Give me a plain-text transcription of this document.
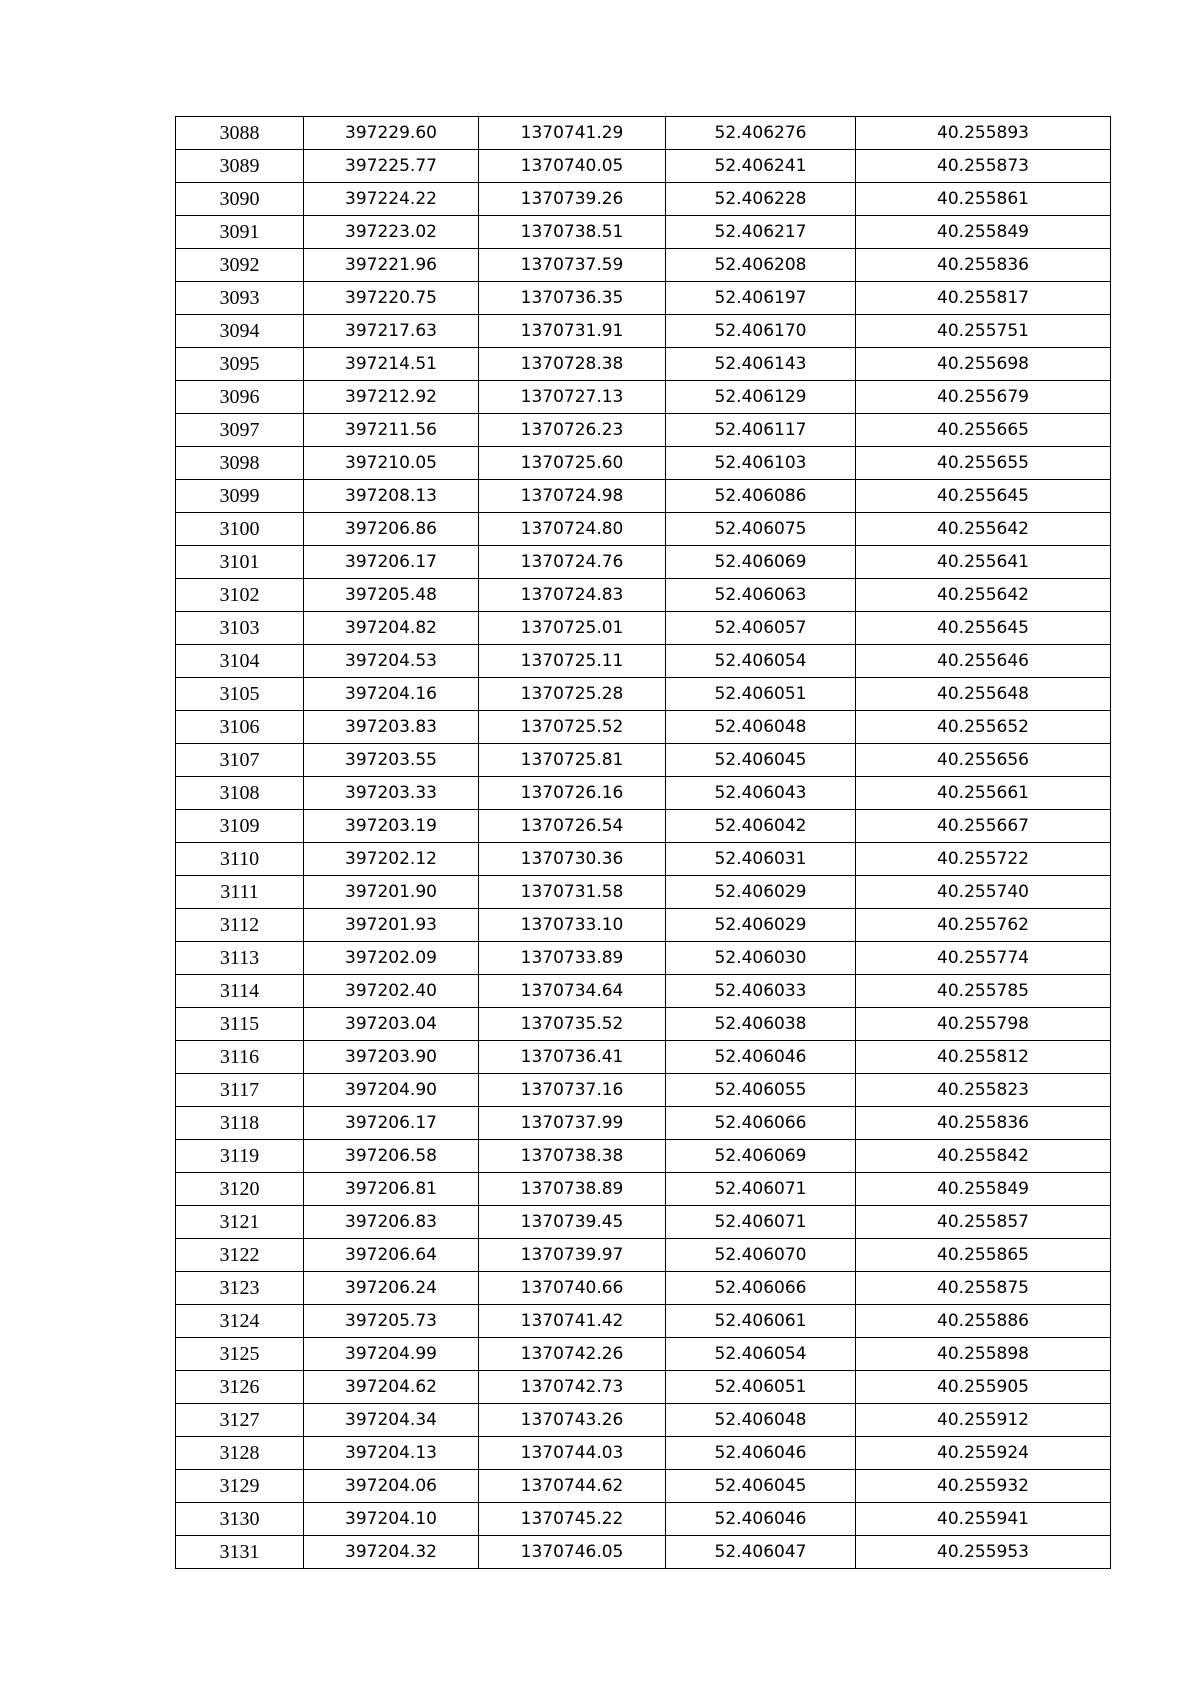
3088	397229.60	1370741.29	52.406276	40.255893
3089	397225.77	1370740.05	52.406241	40.255873
3090	397224.22	1370739.26	52.406228	40.255861
3091	397223.02	1370738.51	52.406217	40.255849
3092	397221.96	1370737.59	52.406208	40.255836
3093	397220.75	1370736.35	52.406197	40.255817
3094	397217.63	1370731.91	52.406170	40.255751
3095	397214.51	1370728.38	52.406143	40.255698
3096	397212.92	1370727.13	52.406129	40.255679
3097	397211.56	1370726.23	52.406117	40.255665
3098	397210.05	1370725.60	52.406103	40.255655
3099	397208.13	1370724.98	52.406086	40.255645
3100	397206.86	1370724.80	52.406075	40.255642
3101	397206.17	1370724.76	52.406069	40.255641
3102	397205.48	1370724.83	52.406063	40.255642
3103	397204.82	1370725.01	52.406057	40.255645
3104	397204.53	1370725.11	52.406054	40.255646
3105	397204.16	1370725.28	52.406051	40.255648
3106	397203.83	1370725.52	52.406048	40.255652
3107	397203.55	1370725.81	52.406045	40.255656
3108	397203.33	1370726.16	52.406043	40.255661
3109	397203.19	1370726.54	52.406042	40.255667
3110	397202.12	1370730.36	52.406031	40.255722
3111	397201.90	1370731.58	52.406029	40.255740
3112	397201.93	1370733.10	52.406029	40.255762
3113	397202.09	1370733.89	52.406030	40.255774
3114	397202.40	1370734.64	52.406033	40.255785
3115	397203.04	1370735.52	52.406038	40.255798
3116	397203.90	1370736.41	52.406046	40.255812
3117	397204.90	1370737.16	52.406055	40.255823
3118	397206.17	1370737.99	52.406066	40.255836
3119	397206.58	1370738.38	52.406069	40.255842
3120	397206.81	1370738.89	52.406071	40.255849
3121	397206.83	1370739.45	52.406071	40.255857
3122	397206.64	1370739.97	52.406070	40.255865
3123	397206.24	1370740.66	52.406066	40.255875
3124	397205.73	1370741.42	52.406061	40.255886
3125	397204.99	1370742.26	52.406054	40.255898
3126	397204.62	1370742.73	52.406051	40.255905
3127	397204.34	1370743.26	52.406048	40.255912
3128	397204.13	1370744.03	52.406046	40.255924
3129	397204.06	1370744.62	52.406045	40.255932
3130	397204.10	1370745.22	52.406046	40.255941
3131	397204.32	1370746.05	52.406047	40.255953
